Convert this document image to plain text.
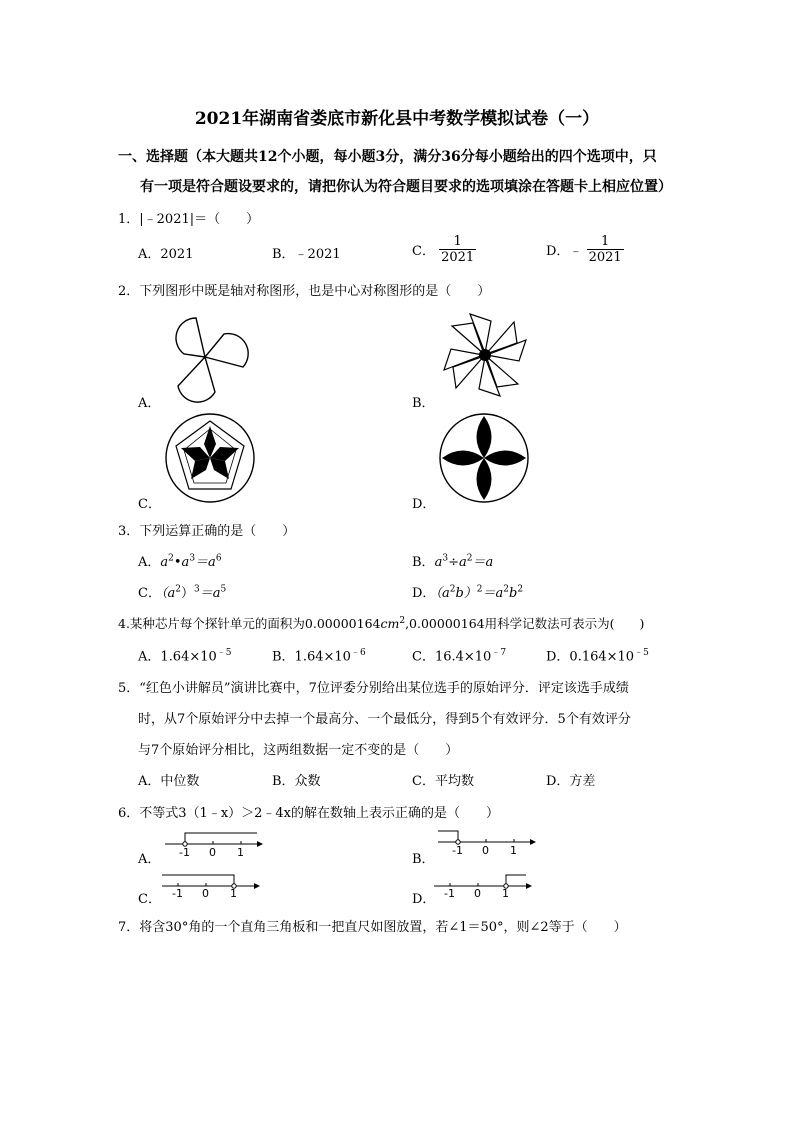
2021年湖南省娄底市新化县中考数学模拟试卷（一）
一、选择题（本大题共12个小题，每小题3分，满分36分每小题给出的四个选项中，只
有一项是符合题设要求的，请把你认为符合题目要求的选项填涂在答题卡上相应位置）
1．|﹣2021|＝（　　）
A．2021	B．﹣2021	C． $\frac{1}{2021}$	D．﹣ $\frac{1}{2021}$
2．下列图形中既是轴对称图形，也是中心对称图形的是（　　）
A．	B．
C．	D．
3．下列运算正确的是（　　）
A．$a^2•a^3=a^6$	B．$a^3\div a^2=a$
C．$(a^2)^3=a^5$	D．$(a^2b)^2=a^2b^2$
4.某种芯片每个探针单元的面积为$0.00000164cm^2,0.00000164$用科学记数法可表示为(　　)
A．$1.64\times 10^{﹣5}$	B．$1.64\times 10^{﹣6}$	C．$16.4\times 10^{﹣7}$	D．$0.164\times 10^{﹣5}$
5．“红色小讲解员”演讲比赛中，7位评委分别给出某位选手的原始评分．评定该选手成绩
时，从7个原始评分中去掉一个最高分、一个最低分，得到5个有效评分．5个有效评分
与7个原始评分相比，这两组数据一定不变的是（　　）
A．中位数	B．众数	C．平均数	D．方差
6．不等式3（1﹣x）＞2﹣4x的解在数轴上表示正确的是（　　）
A． -1 0 1	B．
-1 0 1
C． -1 0 1	D． -1 0 1
7．将含30°角的一个直角三角板和一把直尺如图放置，若∠1＝50°，则∠2等于（　　）
